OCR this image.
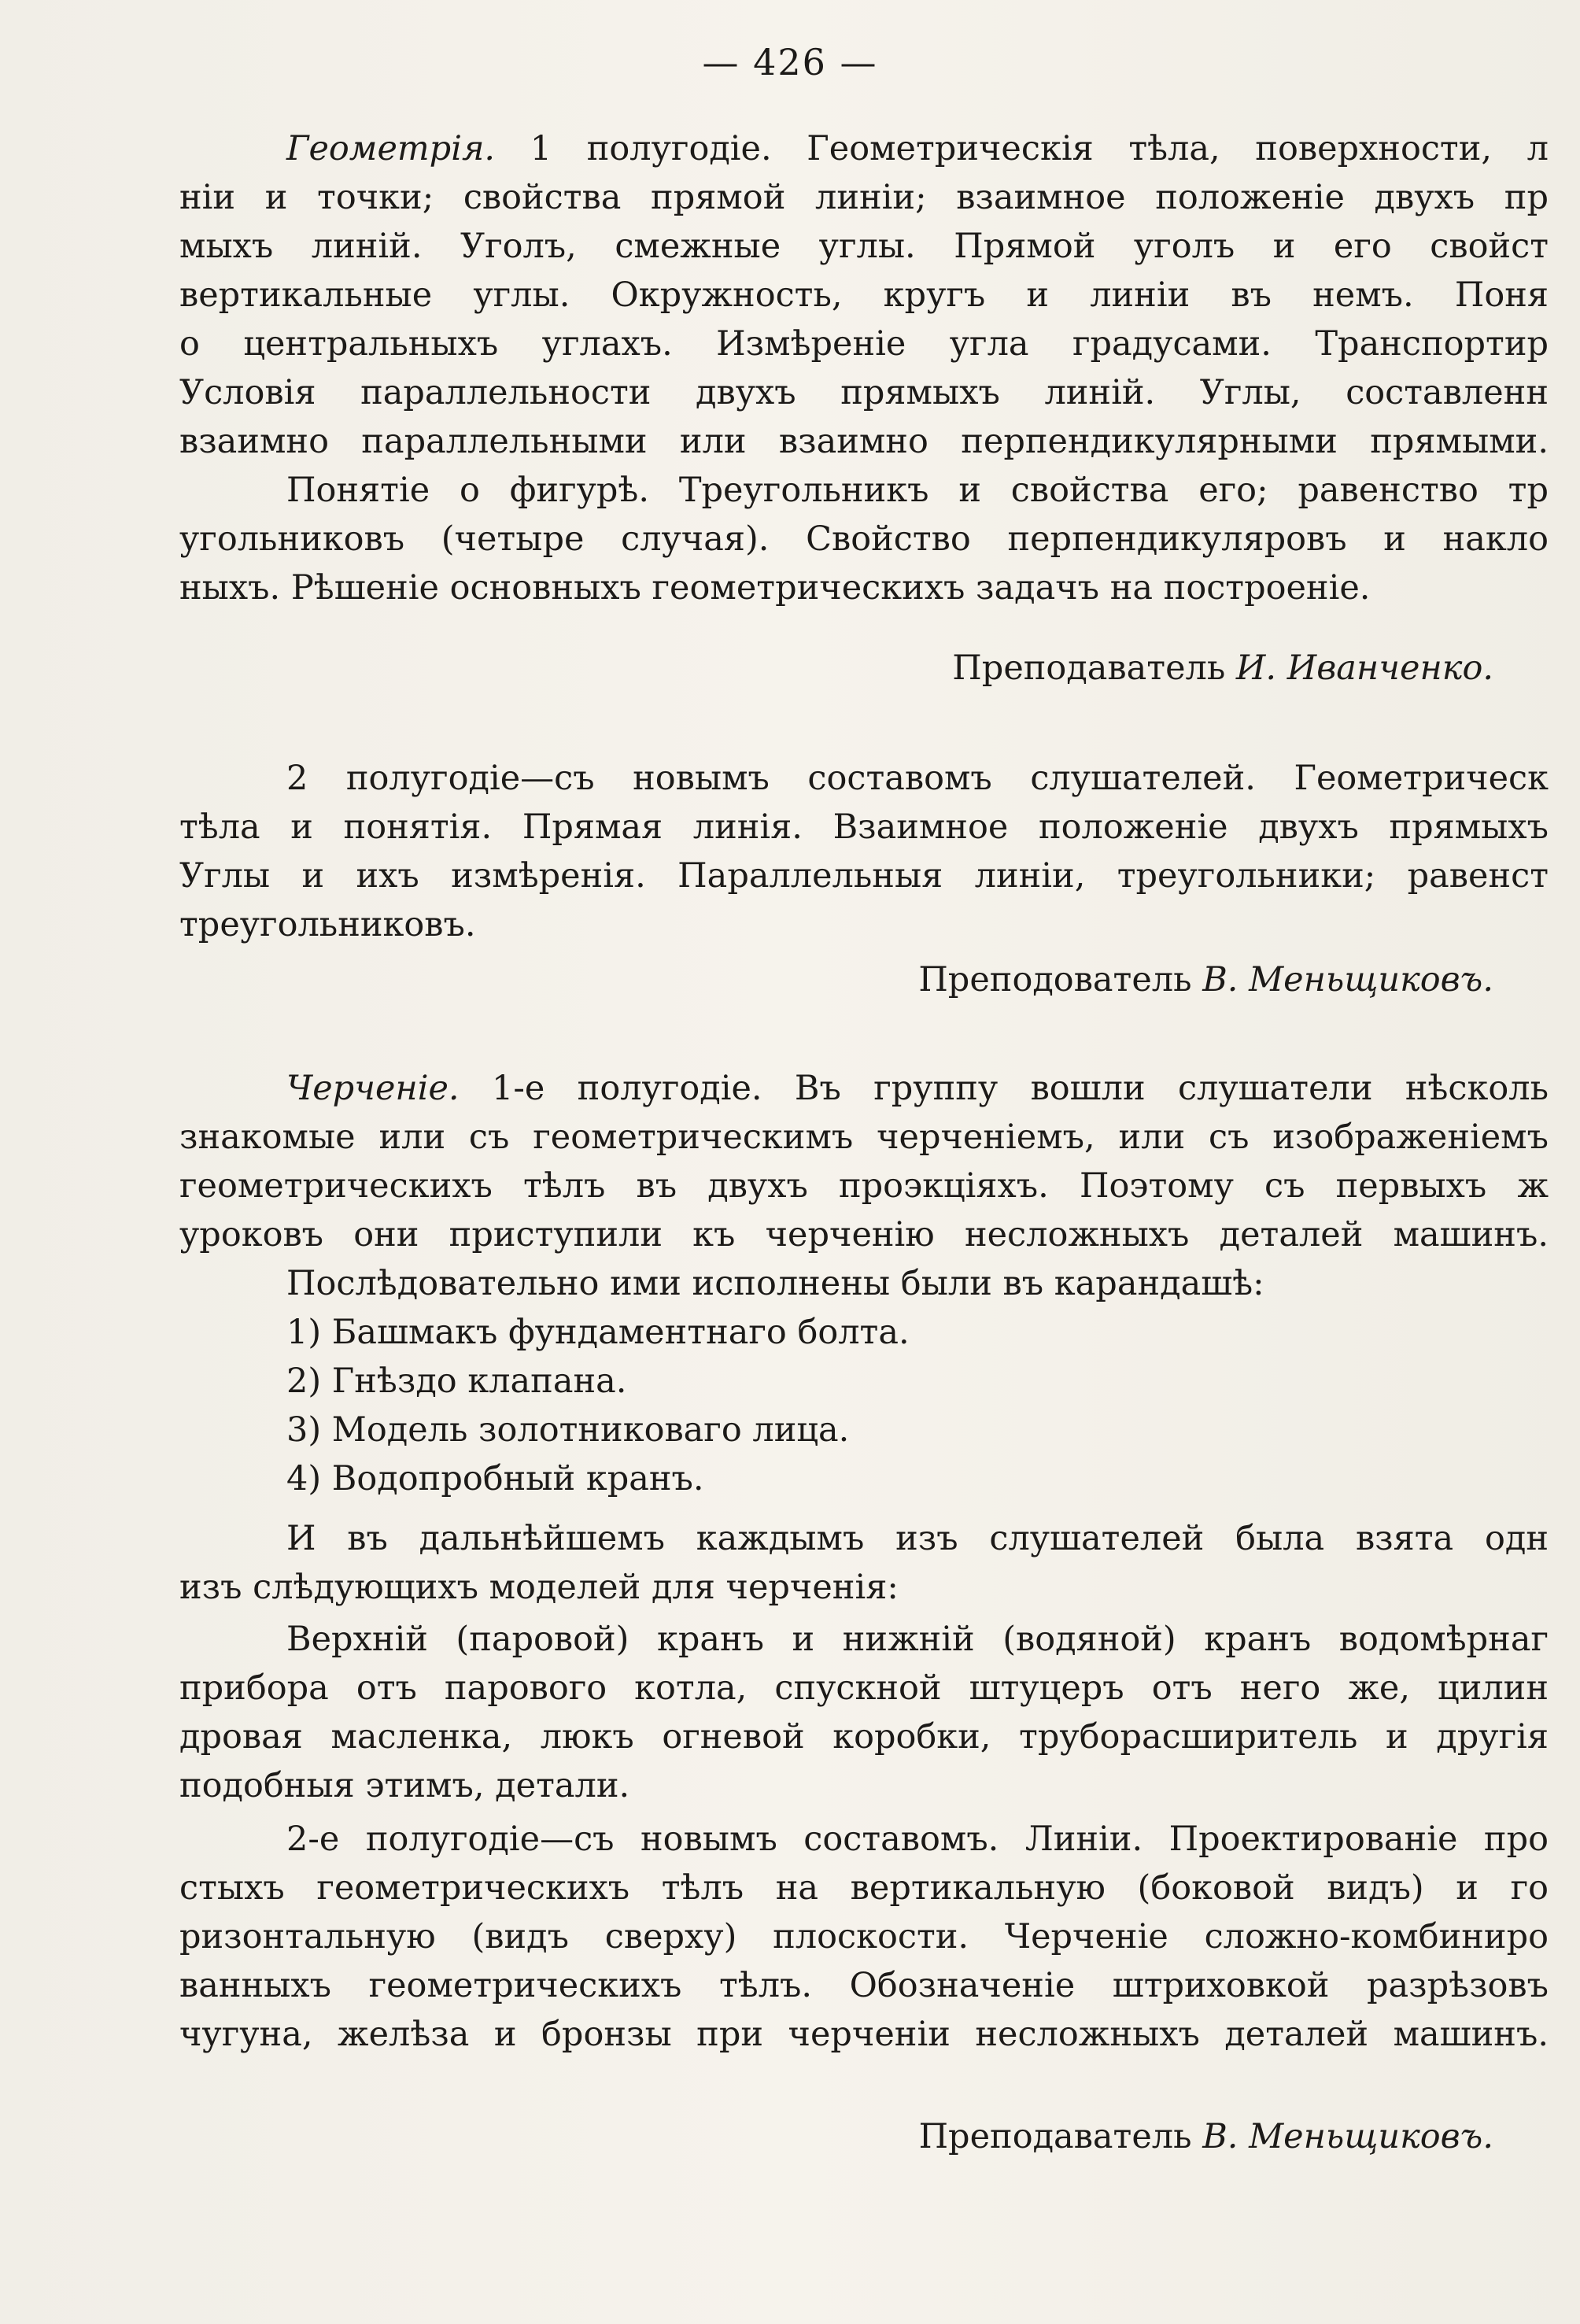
— 426 —
Геометрія. 1 полугодіе. Геометрическія тѣла, поверхности, л
ніи и точки; свойства прямой линіи; взаимное положеніе двухъ пр
мыхъ линій. Уголъ, смежные углы. Прямой уголъ и его свойст
вертикальные углы. Окружность, кругъ и линіи въ немъ. Поня
о центральныхъ углахъ. Измѣреніе угла градусами. Транспортир
Условія параллельности двухъ прямыхъ линій. Углы, составленн
взаимно параллельными или взаимно перпендикулярными прямыми.
Понятіе о фигурѣ. Треугольникъ и свойства его; равенство тр
угольниковъ (четыре случая). Свойство перпендикуляровъ и накло
ныхъ. Рѣшеніе основныхъ геометрическихъ задачъ на построеніе.
Преподаватель И. Иванченко.
2 полугодіе—съ новымъ составомъ слушателей. Геометрическ
тѣла и понятія. Прямая линія. Взаимное положеніе двухъ прямыхъ
Углы и ихъ измѣренія. Параллельныя линіи, треугольники; равенст
треугольниковъ.
Преподoватель В. Меньщиковъ.
Черченіе. 1-е полугодіе. Въ группу вошли слушатели нѣсколь
знакомые или съ геометрическимъ черченіемъ, или съ изображеніемъ
геометрическихъ тѣлъ въ двухъ проэкціяхъ. Поэтому съ первыхъ ж
уроковъ они приступили къ черченію несложныхъ деталей машинъ.
Послѣдовательно ими исполнены были въ карандашѣ:
1) Башмакъ фундаментнаго болта.
2) Гнѣздо клапана.
3) Модель золотниковаго лица.
4) Водопробный кранъ.
И въ дальнѣйшемъ каждымъ изъ слушателей была взята одн
изъ слѣдующихъ моделей для черченія:
Верхній (паровой) кранъ и нижній (водяной) кранъ водомѣрнаг
прибора отъ парового котла, спускной штуцеръ отъ него же, цилин
дровая масленка, люкъ огневой коробки, труборасширитель и другія
подобныя этимъ, детали.
2-е полугодіе—съ новымъ составомъ. Линіи. Проектированіе про
стыхъ геометрическихъ тѣлъ на вертикальную (боковой видъ) и го
ризонтальную (видъ сверху) плоскости. Черченіе сложно-комбиниро
ванныхъ геометрическихъ тѣлъ. Обозначеніе штриховкой разрѣзовъ
чугуна, желѣза и бронзы при черченіи несложныхъ деталей машинъ.
Преподаватель В. Меньщиковъ.
